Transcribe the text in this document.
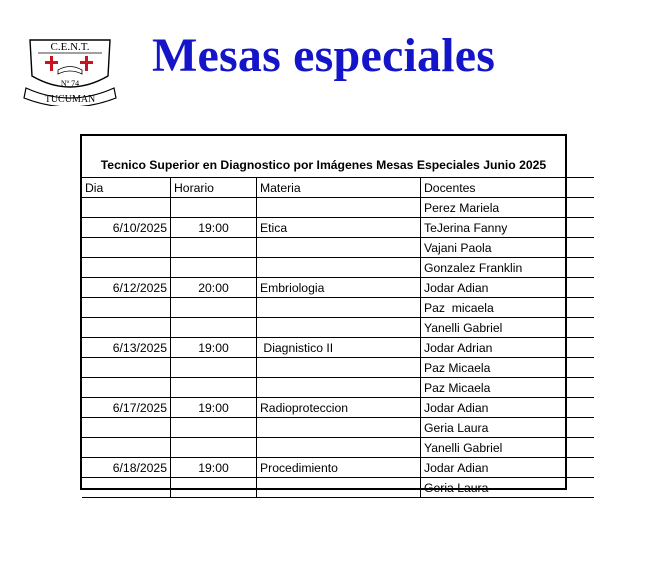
C.E.N.T.
Nº 74
TUCUMAN
Mesas especiales
Tecnico Superior en Diagnostico por Imágenes Mesas Especiales Junio 2025
Dia	Horario	Materia	Docentes
			Perez Mariela
6/10/2025	19:00	Etica	TeJerina Fanny
			Vajani Paola
			Gonzalez Franklin
6/12/2025	20:00	Embriologia	Jodar Adian
			Paz  micaela
			Yanelli Gabriel
6/13/2025	19:00	Diagnistico II	Jodar Adrian
			Paz Micaela
			Paz Micaela
6/17/2025	19:00	Radioproteccion	Jodar Adian
			Geria Laura
			Yanelli Gabriel
6/18/2025	19:00	Procedimiento	Jodar Adian
			Geria Laura
